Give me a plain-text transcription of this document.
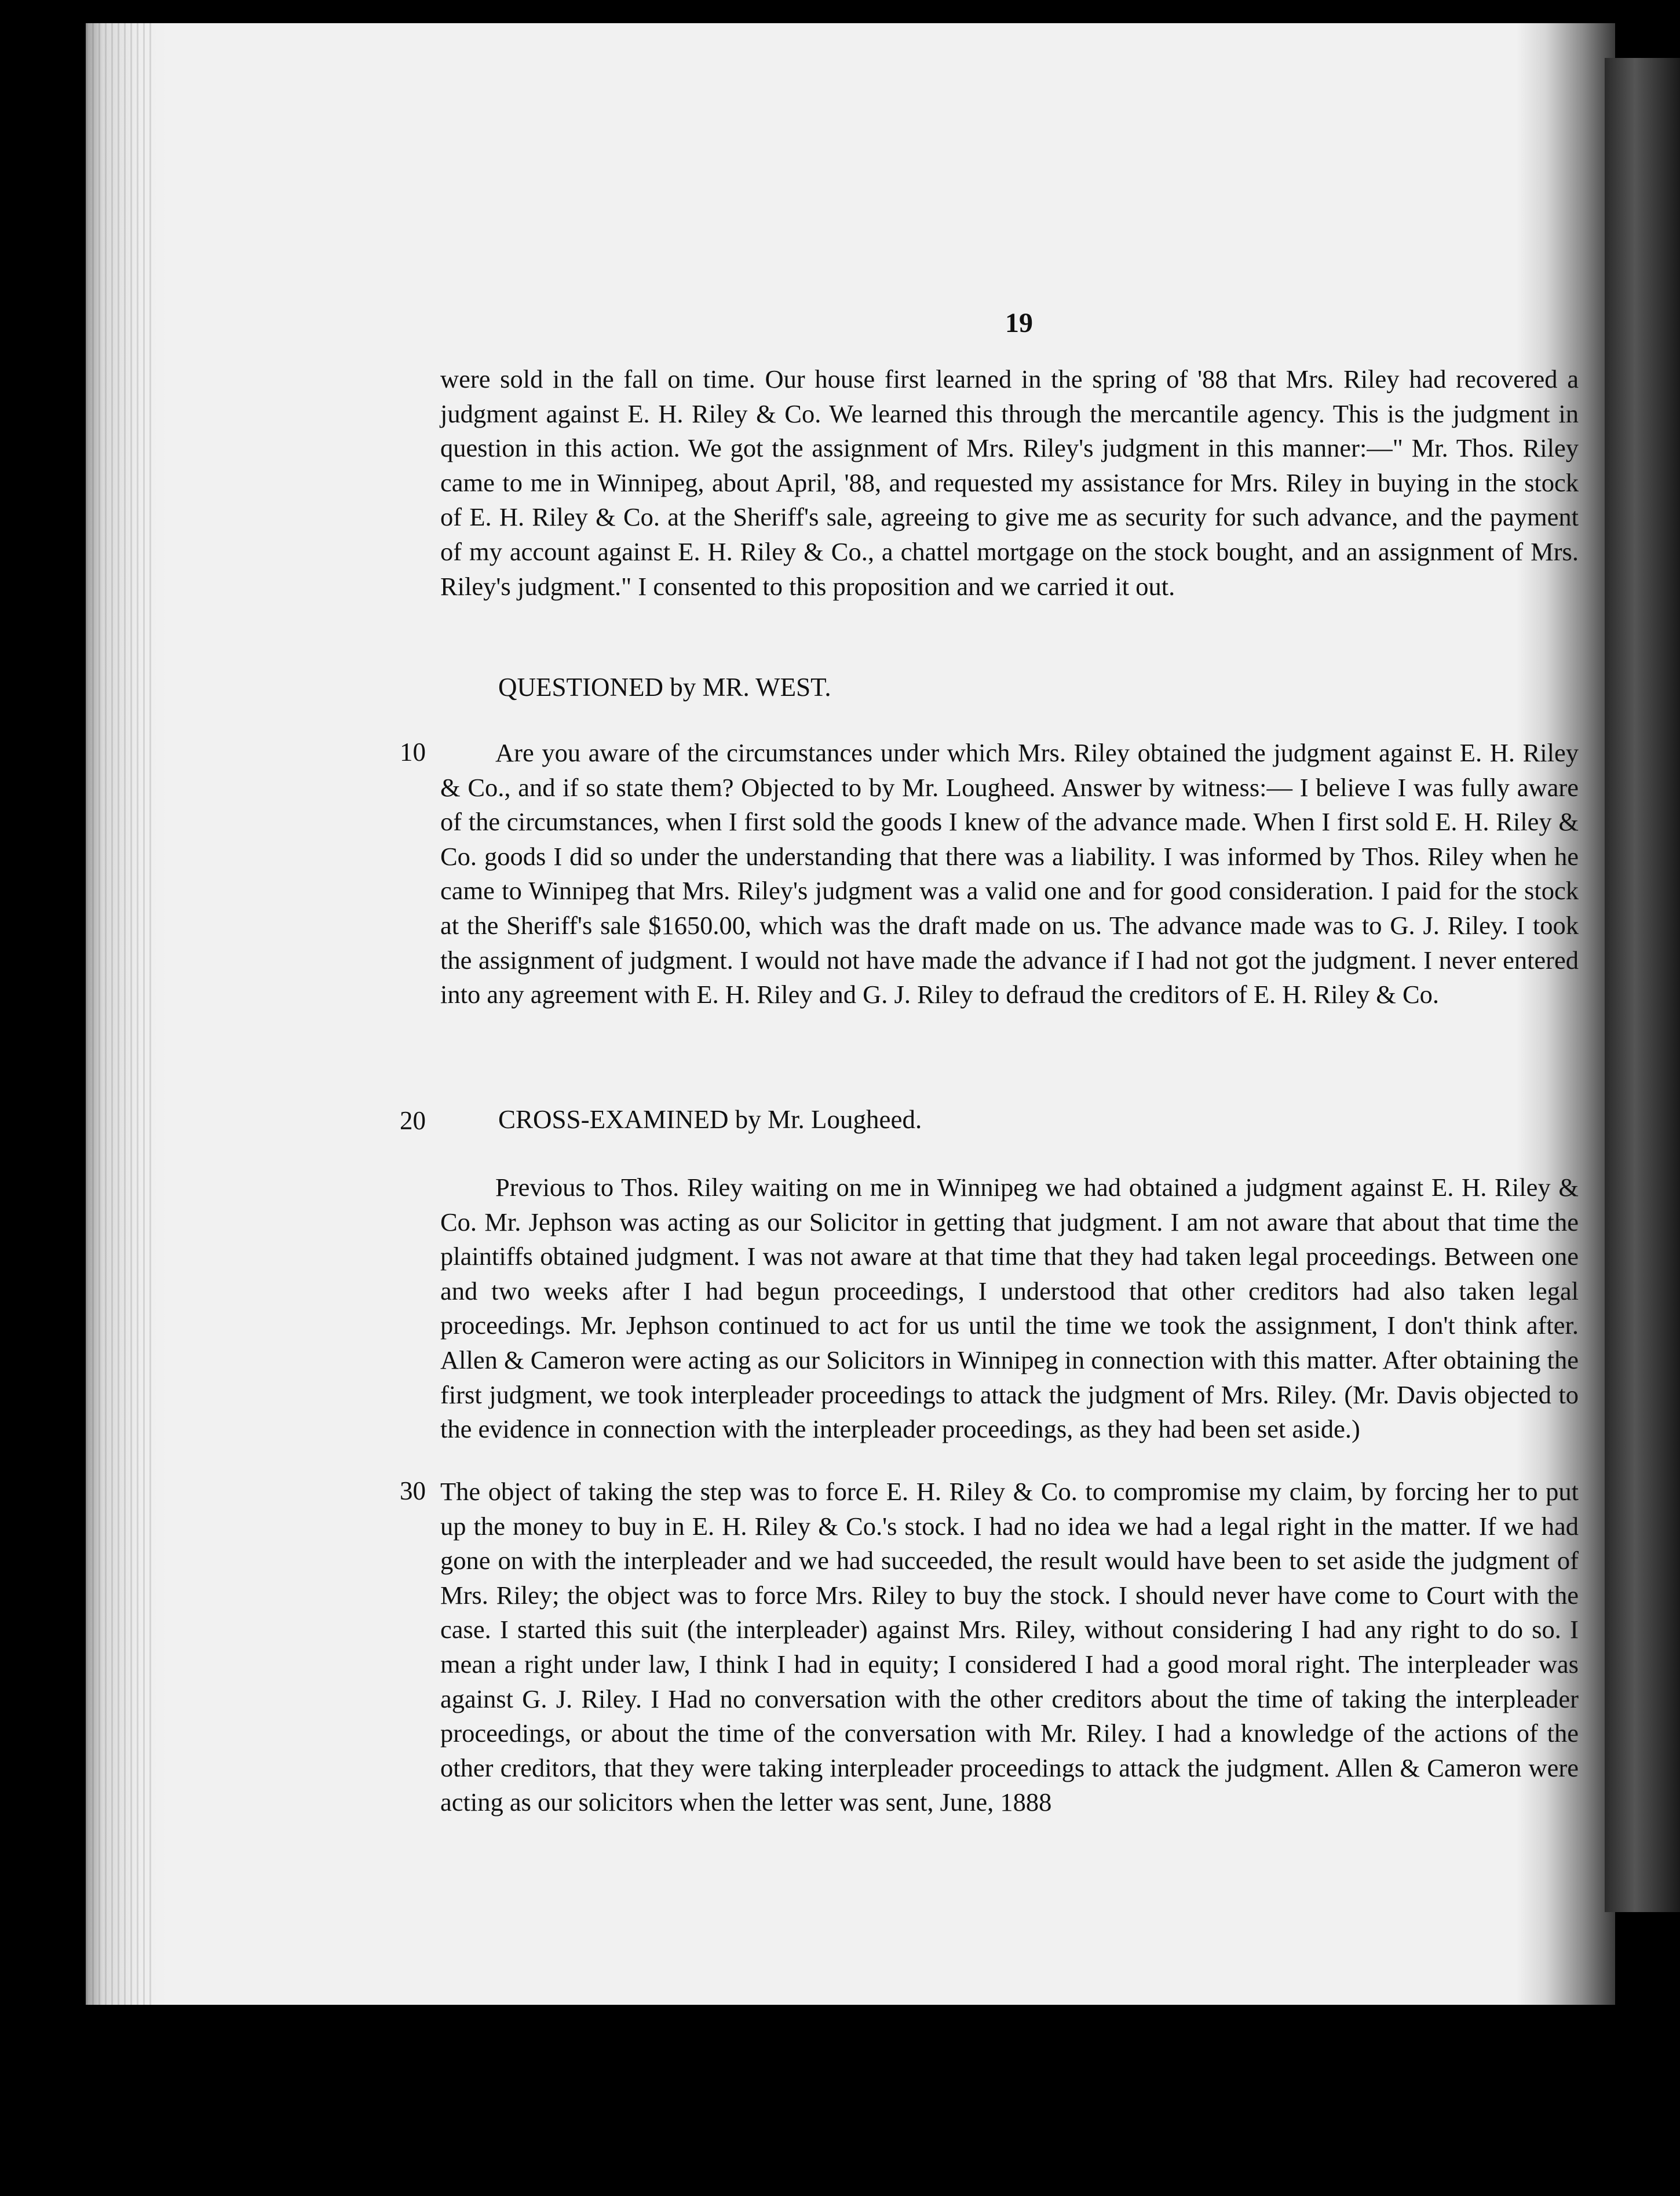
19

were sold in the fall on time. Our house first learned in the spring of '88 that Mrs. Riley had recovered a judgment against E. H. Riley & Co. We learned this through the mercantile agency. This is the judgment in question in this action. We got the assignment of Mrs. Riley's judgment in this manner:—" Mr. Thos. Riley came to me in Winnipeg, about April, '88, and requested my assistance for Mrs. Riley in buying in the stock of E. H. Riley & Co. at the Sheriff's sale, agreeing to give me as security for such advance, and the payment of my account against E. H. Riley & Co., a chattel mortgage on the stock bought, and an assignment of Mrs. Riley's judgment." I consented to this proposition and we carried it out.

QUESTIONED by MR. WEST.

10	Are you aware of the circumstances under which Mrs. Riley obtained the judgment against E. H. Riley & Co., and if so state them? Objected to by Mr. Lougheed. Answer by witness:— I believe I was fully aware of the circumstances, when I first sold the goods I knew of the advance made. When I first sold E. H. Riley & Co. goods I did so under the understanding that there was a liability. I was informed by Thos. Riley when he came to Winnipeg that Mrs. Riley's judgment was a valid one and for good consideration. I paid for the stock at the Sheriff's sale $1650.00, which was the draft made on us. The advance made was to G. J. Riley. I took the assignment of judgment. I would not have made the advance if I had not got the judgment. I never entered into any agreement with E. H. Riley and G. J. Riley to defraud the creditors of E. H. Riley & Co.

20	CROSS-EXAMINED by Mr. Lougheed.

Previous to Thos. Riley waiting on me in Winnipeg we had obtained a judgment against E. H. Riley & Co. Mr. Jephson was acting as our Solicitor in getting that judgment. I am not aware that about that time the plaintiffs obtained judgment. I was not aware at that time that they had taken legal proceedings. Between one and two weeks after I had begun proceedings, I understood that other creditors had also taken legal proceedings. Mr. Jephson continued to act for us until the time we took the assignment, I don't think after. Allen & Cameron were acting as our Solicitors in Winnipeg in connection with this matter. After obtaining the first judgment, we took interpleader proceedings to attack the judgment of Mrs. Riley. (Mr. Davis objected to the evidence in connection with the interpleader proceedings, as they had been set aside.)

30 The object of taking the step was to force E. H. Riley & Co. to compromise my claim, by forcing her to put up the money to buy in E. H. Riley & Co.'s stock. I had no idea we had a legal right in the matter. If we had gone on with the interpleader and we had succeeded, the result would have been to set aside the judgment of Mrs. Riley; the object was to force Mrs. Riley to buy the stock. I should never have come to Court with the case. I started this suit (the interpleader) against Mrs. Riley, without considering I had any right to do so. I mean a right under law, I think I had in equity; I considered I had a good moral right. The interpleader was against G. J. Riley. I Had no conversation with the other creditors about the time of taking the interpleader proceedings, or about the time of the conversation with Mr. Riley. I had a knowledge of the actions of the other creditors, that they were taking interpleader proceedings to attack the judgment. Allen & Cameron were acting as our solicitors when the letter was sent, June, 1888
